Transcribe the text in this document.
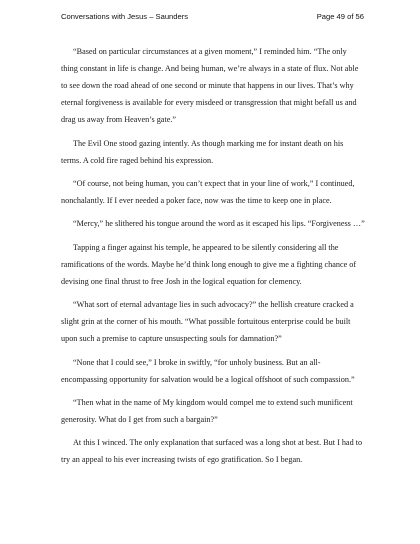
Conversations with Jesus – Saunders	Page 49 of 56

“Based on particular circumstances at a given moment,” I reminded him. “The only thing constant in life is change. And being human, we’re always in a state of flux. Not able to see down the road ahead of one second or minute that happens in our lives. That’s why eternal forgiveness is available for every misdeed or transgression that might befall us and drag us away from Heaven’s gate.”

The Evil One stood gazing intently. As though marking me for instant death on his terms. A cold fire raged behind his expression.

“Of course, not being human, you can’t expect that in your line of work,” I continued, nonchalantly. If I ever needed a poker face, now was the time to keep one in place.

“Mercy,” he slithered his tongue around the word as it escaped his lips. “Forgiveness …”

Tapping a finger against his temple, he appeared to be silently considering all the ramifications of the words. Maybe he’d think long enough to give me a fighting chance of devising one final thrust to free Josh in the logical equation for clemency.

“What sort of eternal advantage lies in such advocacy?” the hellish creature cracked a slight grin at the corner of his mouth. “What possible fortuitous enterprise could be built upon such a premise to capture unsuspecting souls for damnation?”

“None that I could see,” I broke in swiftly, “for unholy business. But an all-encompassing opportunity for salvation would be a logical offshoot of such compassion.”

“Then what in the name of My kingdom would compel me to extend such munificent generosity. What do I get from such a bargain?”

At this I winced. The only explanation that surfaced was a long shot at best. But I had to try an appeal to his ever increasing twists of ego gratification. So I began.
